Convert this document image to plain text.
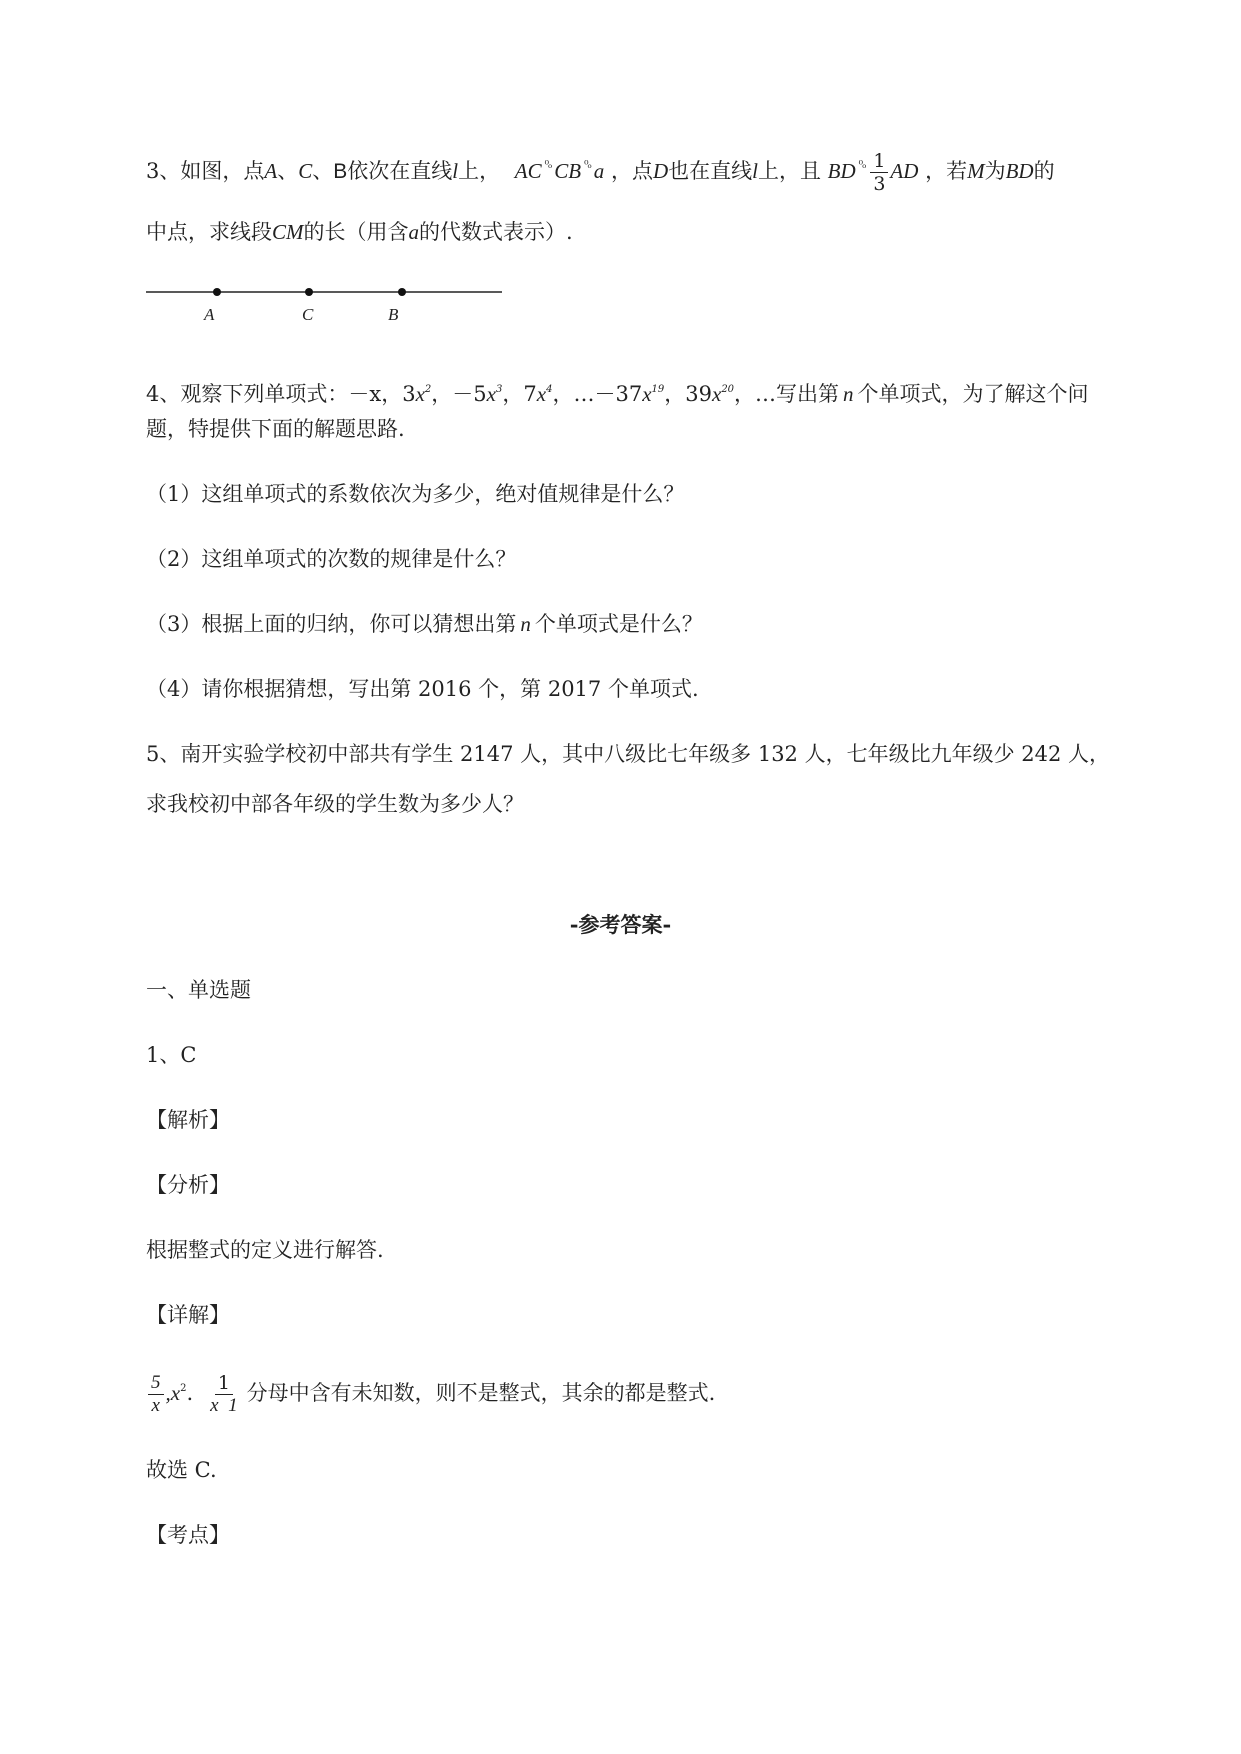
3、如图，点A、C、B依次在直线l上， AC $^{^0_o}$ CB $^{^0_o}$ a ，点D也在直线l上，且 BD $^{^0_o} \frac{1}{3}$ AD ，若M为BD的
中点，求线段CM的长（用含a的代数式表示）.
A	C	B
4、观察下列单项式：－x，$3x^2$，$-5x^3$，$7x^4$，$\dots-37x^{19}$，$39x^{20}$，…写出第 n 个单项式，为了解这个问
题，特提供下面的解题思路.
（1）这组单项式的系数依次为多少，绝对值规律是什么？
（2）这组单项式的次数的规律是什么？
（3）根据上面的归纳，你可以猜想出第 n 个单项式是什么？
（4）请你根据猜想，写出第 2016 个，第 2017 个单项式.
5、南开实验学校初中部共有学生 2147 人，其中八级比七年级多 132 人，七年级比九年级少 242 人，
求我校初中部各年级的学生数为多少人？
-参考答案-
一、单选题
1、C
【解析】
【分析】
根据整式的定义进行解答.
【详解】
$\frac{5}{x} ,x^2$. $\frac{1}{x 1}$ 分母中含有未知数，则不是整式，其余的都是整式.
故选 C.
【考点】
